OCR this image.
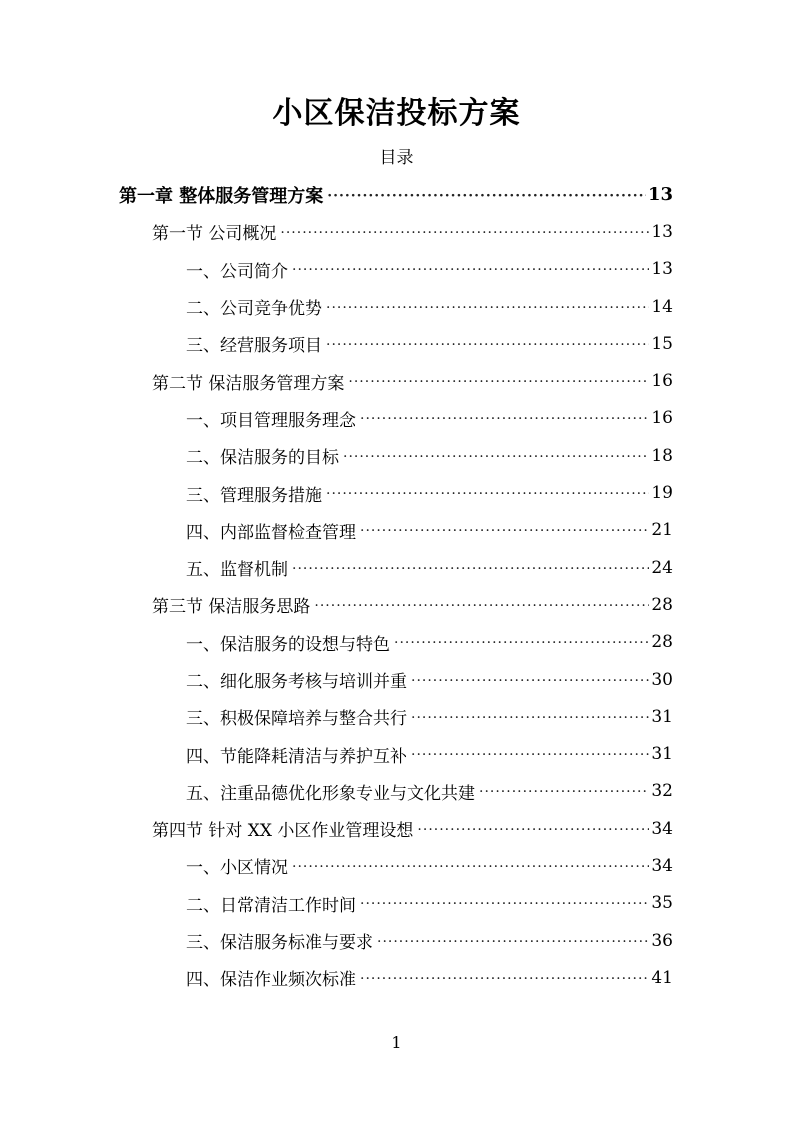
小区保洁投标方案
目录
第一章 整体服务管理方案 ·····	13
第一节 公司概况 ·····	13
一、公司简介 ·····	13
二、公司竞争优势 ·····	14
三、经营服务项目 ·····	15
第二节 保洁服务管理方案 ·····	16
一、项目管理服务理念 ·····	16
二、保洁服务的目标 ·····	18
三、管理服务措施 ·····	19
四、内部监督检查管理 ·····	21
五、监督机制 ·····	24
第三节 保洁服务思路 ·····	28
一、保洁服务的设想与特色 ·····	28
二、细化服务考核与培训并重 ·····	30
三、积极保障培养与整合共行 ·····	31
四、节能降耗清洁与养护互补 ·····	31
五、注重品德优化形象专业与文化共建 ·····	32
第四节 针对 XX 小区作业管理设想 ·····	34
一、小区情况 ·····	34
二、日常清洁工作时间 ·····	35
三、保洁服务标准与要求 ·····	36
四、保洁作业频次标准 ·····	41
1
